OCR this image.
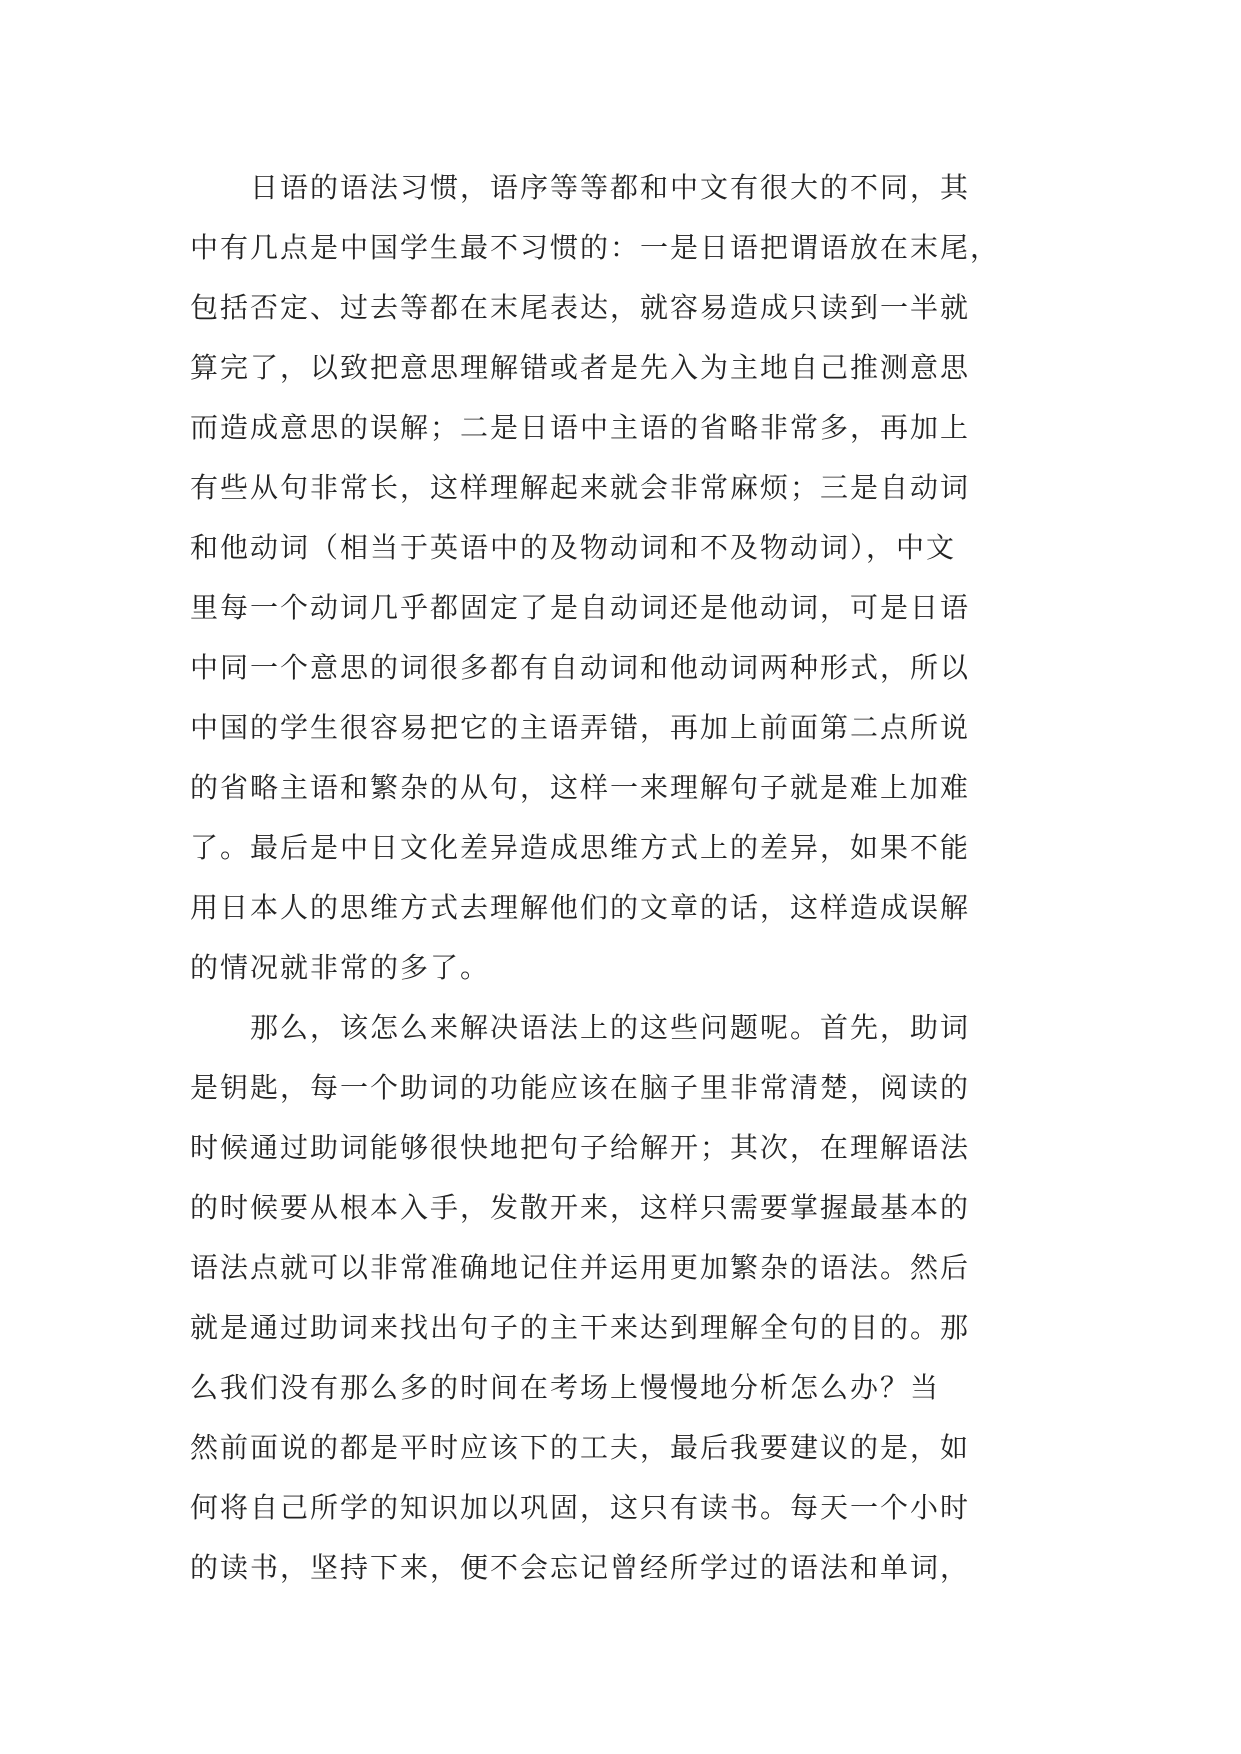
　　日语的语法习惯，语序等等都和中文有很大的不同，其
中有几点是中国学生最不习惯的：一是日语把谓语放在末尾，
包括否定、过去等都在末尾表达，就容易造成只读到一半就
算完了，以致把意思理解错或者是先入为主地自己推测意思
而造成意思的误解；二是日语中主语的省略非常多，再加上
有些从句非常长，这样理解起来就会非常麻烦；三是自动词
和他动词（相当于英语中的及物动词和不及物动词），中文
里每一个动词几乎都固定了是自动词还是他动词，可是日语
中同一个意思的词很多都有自动词和他动词两种形式，所以
中国的学生很容易把它的主语弄错，再加上前面第二点所说
的省略主语和繁杂的从句，这样一来理解句子就是难上加难
了。最后是中日文化差异造成思维方式上的差异，如果不能
用日本人的思维方式去理解他们的文章的话，这样造成误解
的情况就非常的多了。
　　那么，该怎么来解决语法上的这些问题呢。首先，助词
是钥匙，每一个助词的功能应该在脑子里非常清楚，阅读的
时候通过助词能够很快地把句子给解开；其次，在理解语法
的时候要从根本入手，发散开来，这样只需要掌握最基本的
语法点就可以非常准确地记住并运用更加繁杂的语法。然后
就是通过助词来找出句子的主干来达到理解全句的目的。那
么我们没有那么多的时间在考场上慢慢地分析怎么办？当
然前面说的都是平时应该下的工夫，最后我要建议的是，如
何将自己所学的知识加以巩固，这只有读书。每天一个小时
的读书，坚持下来，便不会忘记曾经所学过的语法和单词，
